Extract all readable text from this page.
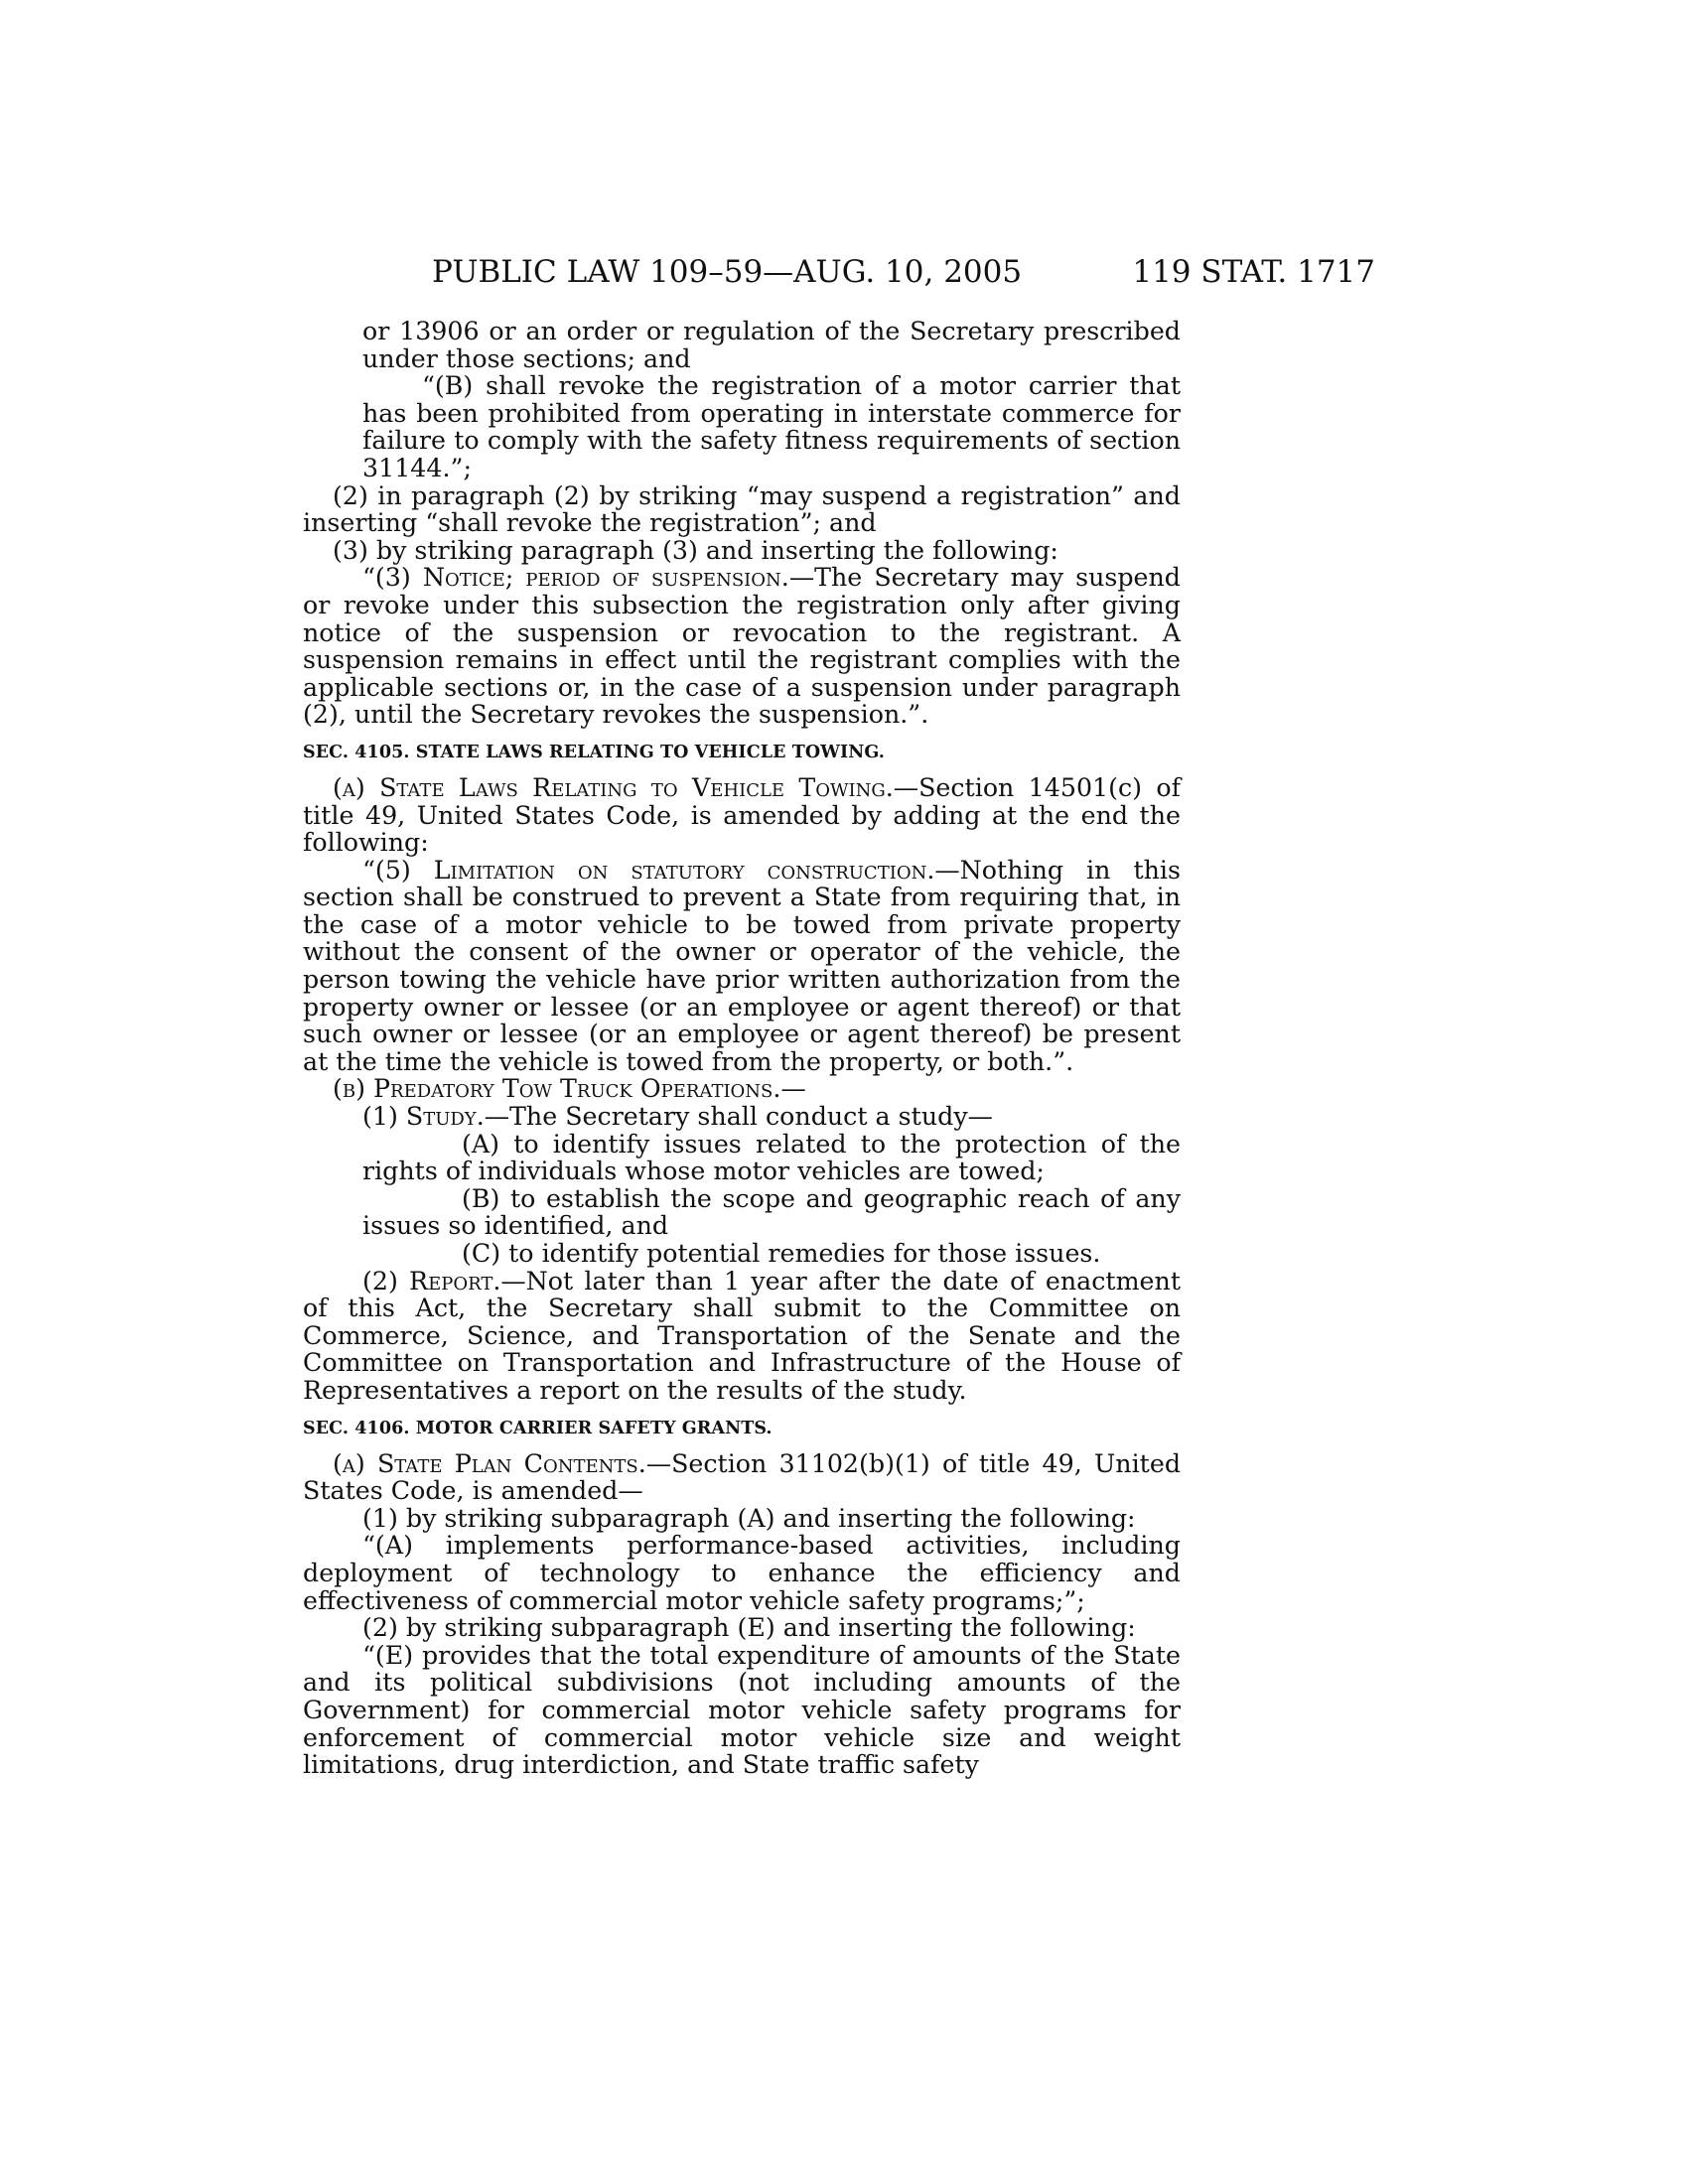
PUBLIC LAW 109–59—AUG. 10, 2005	119 STAT. 1717

or 13906 or an order or regulation of the Secretary prescribed under those sections; and

“(B) shall revoke the registration of a motor carrier that has been prohibited from operating in interstate commerce for failure to comply with the safety fitness requirements of section 31144.”;

(2) in paragraph (2) by striking “may suspend a registration” and inserting “shall revoke the registration”; and

(3) by striking paragraph (3) and inserting the following:

“(3) Notice; period of suspension.—The Secretary may suspend or revoke under this subsection the registration only after giving notice of the suspension or revocation to the registrant. A suspension remains in effect until the registrant complies with the applicable sections or, in the case of a suspension under paragraph (2), until the Secretary revokes the suspension.”.

SEC. 4105. STATE LAWS RELATING TO VEHICLE TOWING.

(a) State Laws Relating to Vehicle Towing.—Section 14501(c) of title 49, United States Code, is amended by adding at the end the following:

“(5) Limitation on statutory construction.—Nothing in this section shall be construed to prevent a State from requiring that, in the case of a motor vehicle to be towed from private property without the consent of the owner or operator of the vehicle, the person towing the vehicle have prior written authorization from the property owner or lessee (or an employee or agent thereof) or that such owner or lessee (or an employee or agent thereof) be present at the time the vehicle is towed from the property, or both.”.

(b) Predatory Tow Truck Operations.—

(1) Study.—The Secretary shall conduct a study—

(A) to identify issues related to the protection of the rights of individuals whose motor vehicles are towed;

(B) to establish the scope and geographic reach of any issues so identified, and

(C) to identify potential remedies for those issues.

(2) Report.—Not later than 1 year after the date of enactment of this Act, the Secretary shall submit to the Committee on Commerce, Science, and Transportation of the Senate and the Committee on Transportation and Infrastructure of the House of Representatives a report on the results of the study.

SEC. 4106. MOTOR CARRIER SAFETY GRANTS.

(a) State Plan Contents.—Section 31102(b)(1) of title 49, United States Code, is amended—

(1) by striking subparagraph (A) and inserting the following:

“(A) implements performance-based activities, including deployment of technology to enhance the efficiency and effectiveness of commercial motor vehicle safety programs;”;

(2) by striking subparagraph (E) and inserting the following:

“(E) provides that the total expenditure of amounts of the State and its political subdivisions (not including amounts of the Government) for commercial motor vehicle safety programs for enforcement of commercial motor vehicle size and weight limitations, drug interdiction, and State traffic safety
